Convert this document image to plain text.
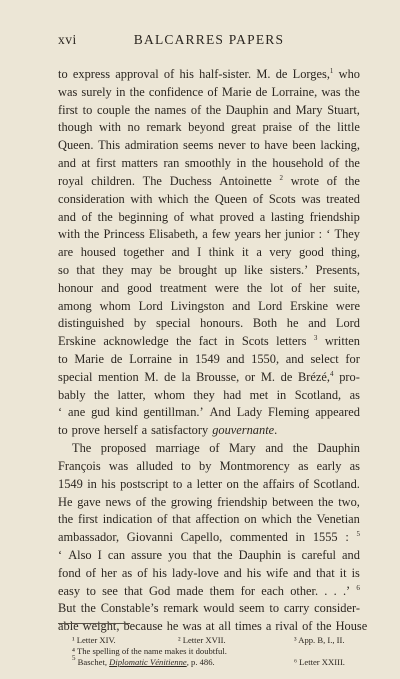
xvi	BALCARRES PAPERS
to express approval of his half-sister. M. de Lorges,$^1$ who
was surely in the confidence of Marie de Lorraine, was the
first to couple the names of the Dauphin and Mary Stuart,
though with no remark beyond great praise of the little
Queen. This admiration seems never to have been lacking,
and at first matters ran smoothly in the household of the
royal children. The Duchess Antoinette $^2$ wrote of the
consideration with which the Queen of Scots was treated
and of the beginning of what proved a lasting friendship
with the Princess Elisabeth, a few years her junior : ‘ They
are housed together and I think it a very good thing,
so that they may be brought up like sisters.’ Presents,
honour and good treatment were the lot of her suite,
among whom Lord Livingston and Lord Erskine were
distinguished by special honours. Both he and Lord
Erskine acknowledge the fact in Scots letters $^3$ written
to Marie de Lorraine in 1549 and 1550, and select for
special mention M. de la Brousse, or M. de Brézé,$^4$ pro-
bably the latter, whom they had met in Scotland, as
‘ ane gud kind gentillman.’ And Lady Fleming appeared
to prove herself a satisfactory gouvernante.
The proposed marriage of Mary and the Dauphin
François was alluded to by Montmorency as early as
1549 in his postscript to a letter on the affairs of Scotland.
He gave news of the growing friendship between the two,
the first indication of that affection on which the Venetian
ambassador, Giovanni Capello, commented in 1555 : $^5$
‘ Also I can assure you that the Dauphin is careful and
fond of her as of his lady-love and his wife and that it is
easy to see that God made them for each other. . . .’ $^6$
But the Constable’s remark would seem to carry consider-
able weight, because he was at all times a rival of the House
¹ Letter XIV.	² Letter XVII.	³ App. B, I., II.
⁴ The spelling of the name makes it doubtful.
$^5$ Baschet, Diplomatic Vénitienne, p. 486.	⁶ Letter XXIII.
